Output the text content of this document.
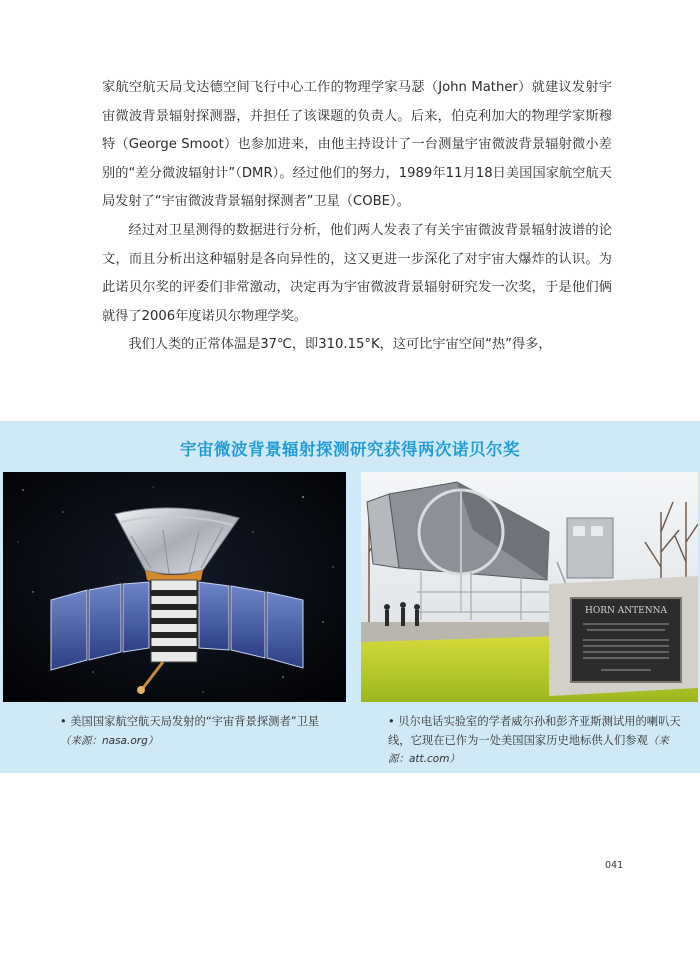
家航空航天局戈达德空间飞行中心工作的物理学家马瑟（John Mather）就建议发射宇宙微波背景辐射探测器，并担任了该课题的负责人。后来，伯克利加大的物理学家斯穆特（George Smoot）也参加进来，由他主持设计了一台测量宇宙微波背景辐射微小差别的“差分微波辐射计”（DMR）。经过他们的努力，1989年11月18日美国国家航空航天局发射了“宇宙微波背景辐射探测者”卫星（COBE）。

经过对卫星测得的数据进行分析，他们两人发表了有关宇宙微波背景辐射波谱的论文，而且分析出这种辐射是各向异性的，这又更进一步深化了对宇宙大爆炸的认识。为此诺贝尔奖的评委们非常激动，决定再为宇宙微波背景辐射研究发一次奖，于是他们俩就得了2006年度诺贝尔物理学奖。

我们人类的正常体温是37℃，即310.15°K，这可比宇宙空间“热”得多，

宇宙微波背景辐射探测研究获得两次诺贝尔奖
HORN ANTENNA
• 美国国家航空航天局发射的“宇宙背景探测者”卫星（来源：nasa.org）
• 贝尔电话实验室的学者威尔孙和彭齐亚斯测试用的喇叭天线，它现在已作为一处美国国家历史地标供人们参观（来源：att.com）
041
